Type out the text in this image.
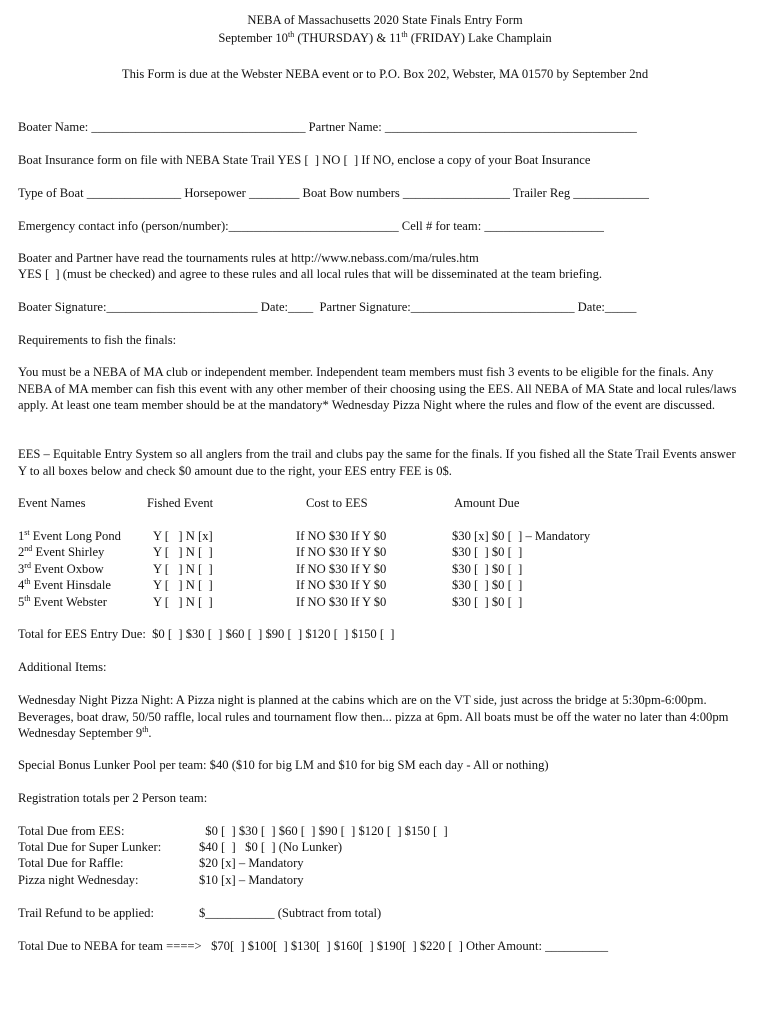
NEBA of Massachusetts 2020 State Finals Entry Form
September 10th (THURSDAY) & 11th (FRIDAY) Lake Champlain
This Form is due at the Webster NEBA event or to P.O. Box 202, Webster, MA 01570 by September 2nd
Boater Name: __________________________________ Partner Name: ________________________________________
Boat Insurance form on file with NEBA State Trail YES [  ] NO [  ] If NO, enclose a copy of your Boat Insurance
Type of Boat _______________ Horsepower ________ Boat Bow numbers _________________ Trailer Reg ____________
Emergency contact info (person/number):___________________________ Cell # for team: ___________________
Boater and Partner have read the tournaments rules at http://www.nebass.com/ma/rules.htm
YES [  ] (must be checked) and agree to these rules and all local rules that will be disseminated at the team briefing.
Boater Signature:________________________ Date:____  Partner Signature:__________________________ Date:_____
Requirements to fish the finals:
You must be a NEBA of MA club or independent member. Independent team members must fish 3 events to be eligible for the finals. Any NEBA of MA member can fish this event with any other member of their choosing using the EES. All NEBA of MA State and local rules/laws apply. At least one team member should be at the mandatory* Wednesday Pizza Night where the rules and flow of the event are discussed.
EES – Equitable Entry System so all anglers from the trail and clubs pay the same for the finals. If you fished all the State Trail Events answer Y to all boxes below and check $0 amount due to the right, your EES entry FEE is 0$.
Event Names	Fished Event	Cost to EES	Amount Due
1st Event Long Pond	Y [   ] N [x]	If NO $30 If Y $0	$30 [x] $0 [  ] – Mandatory
2nd Event Shirley	Y [   ] N [  ]	If NO $30 If Y $0	$30 [  ] $0 [  ]
3rd Event Oxbow	Y [   ] N [  ]	If NO $30 If Y $0	$30 [  ] $0 [  ]
4th Event Hinsdale	Y [   ] N [  ]	If NO $30 If Y $0	$30 [  ] $0 [  ]
5th Event Webster	Y [   ] N [  ]	If NO $30 If Y $0	$30 [  ] $0 [  ]
Total for EES Entry Due:  $0 [  ] $30 [  ] $60 [  ] $90 [  ] $120 [  ] $150 [  ]
Additional Items:
Wednesday Night Pizza Night: A Pizza night is planned at the cabins which are on the VT side, just across the bridge at 5:30pm-6:00pm. Beverages, boat draw, 50/50 raffle, local rules and tournament flow then... pizza at 6pm. All boats must be off the water no later than 4:00pm Wednesday September 9th.
Special Bonus Lunker Pool per team: $40 ($10 for big LM and $10 for big SM each day - All or nothing)
Registration totals per 2 Person team:
Total Due from EES:	$0 [  ] $30 [  ] $60 [  ] $90 [  ] $120 [  ] $150 [  ]
Total Due for Super Lunker:	$40 [  ]   $0 [  ] (No Lunker)
Total Due for Raffle:	$20 [x] – Mandatory
Pizza night Wednesday:	$10 [x] – Mandatory
Trail Refund to be applied:	$___________ (Subtract from total)
Total Due to NEBA for team ====>   $70[  ] $100[  ] $130[  ] $160[  ] $190[  ] $220 [  ] Other Amount: __________
